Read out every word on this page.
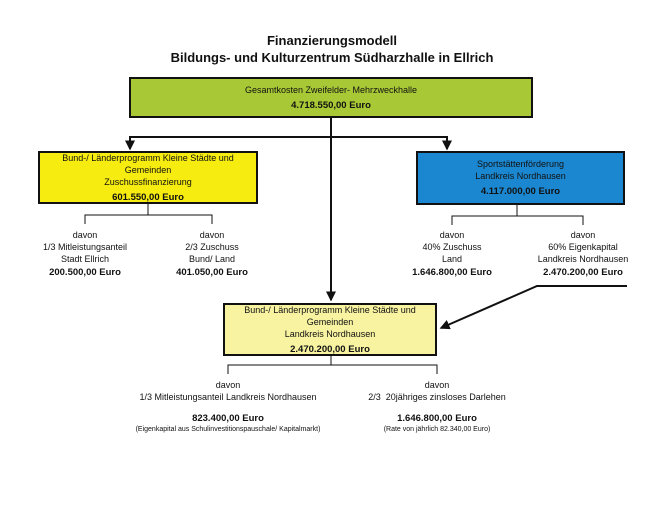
Finanzierungsmodell
Bildungs- und Kulturzentrum Südharzhalle in Ellrich
Gesamtkosten Zweifelder- Mehrzweckhalle
4.718.550,00 Euro
Bund-/ Länderprogramm Kleine Städte und Gemeinden
Zuschussfinanzierung
601.550,00 Euro
Sportstättenförderung
Landkreis Nordhausen
4.117.000,00 Euro
Bund-/ Länderprogramm Kleine Städte und Gemeinden
Landkreis Nordhausen
2.470.200,00 Euro
davon
1/3 Mitleistungsanteil
Stadt Ellrich
200.500,00 Euro
davon
2/3 Zuschuss
Bund/ Land
401.050,00 Euro
davon
40% Zuschuss
Land
1.646.800,00 Euro
davon
60% Eigenkapital
Landkreis Nordhausen
2.470.200,00 Euro
davon
1/3 Mitleistungsanteil Landkreis Nordhausen
823.400,00 Euro
(Eigenkapital aus Schulinvestitionspauschale/ Kapitalmarkt)
davon
2/3  20jähriges zinsloses Darlehen
1.646.800,00 Euro
(Rate von jährlich 82.340,00 Euro)
